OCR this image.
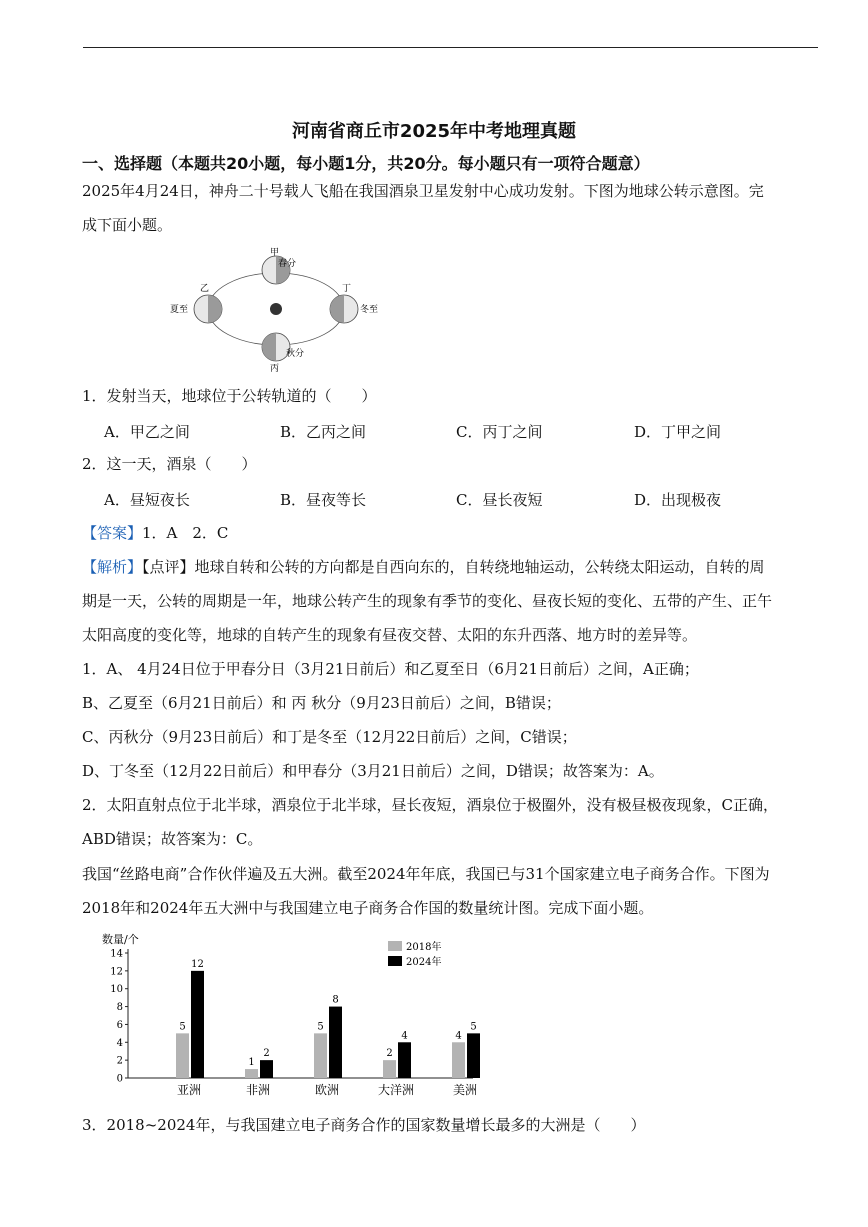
河南省商丘市2025年中考地理真题
一、选择题（本题共20小题，每小题1分，共20分。每小题只有一项符合题意）
2025年4月24日，神舟二十号载人飞船在我国酒泉卫星发射中心成功发射。下图为地球公转示意图。完
成下面小题。
甲
春分
乙
夏至
丁
冬至
秋分
丙
1．发射当天，地球位于公转轨道的（　　）
A．甲乙之间	B．乙丙之间	C．丙丁之间	D．丁甲之间
2．这一天，酒泉（　　）
A．昼短夜长	B．昼夜等长	C．昼长夜短	D．出现极夜
【答案】1．A　2．C
【解析】【点评】地球自转和公转的方向都是自西向东的，自转绕地轴运动，公转绕太阳运动，自转的周
期是一天，公转的周期是一年，地球公转产生的现象有季节的变化、昼夜长短的变化、五带的产生、正午
太阳高度的变化等，地球的自转产生的现象有昼夜交替、太阳的东升西落、地方时的差异等。
1．A、 4月24日位于甲春分日（3月21日前后）和乙夏至日（6月21日前后）之间，A正确；
B、乙夏至（6月21日前后）和 丙 秋分（9月23日前后）之间，B错误；
C、丙秋分（9月23日前后）和丁是冬至（12月22日前后）之间，C错误；
D、丁冬至（12月22日前后）和甲春分（3月21日前后）之间，D错误；故答案为：A。
2．太阳直射点位于北半球，酒泉位于北半球，昼长夜短，酒泉位于极圈外，没有极昼极夜现象，C正确，
ABD错误；故答案为：C。
我国“丝路电商”合作伙伴遍及五大洲。截至2024年年底，我国已与31个国家建立电子商务合作。下图为
2018年和2024年五大洲中与我国建立电子商务合作国的数量统计图。完成下面小题。
数量/个
0
2
4
6
8
10
12
14
5
12
亚洲
1
2
非洲
5
8
欧洲
2
4
大洋洲
4
5
美洲
2018年
2024年
3．2018~2024年，与我国建立电子商务合作的国家数量增长最多的大洲是（　　）
